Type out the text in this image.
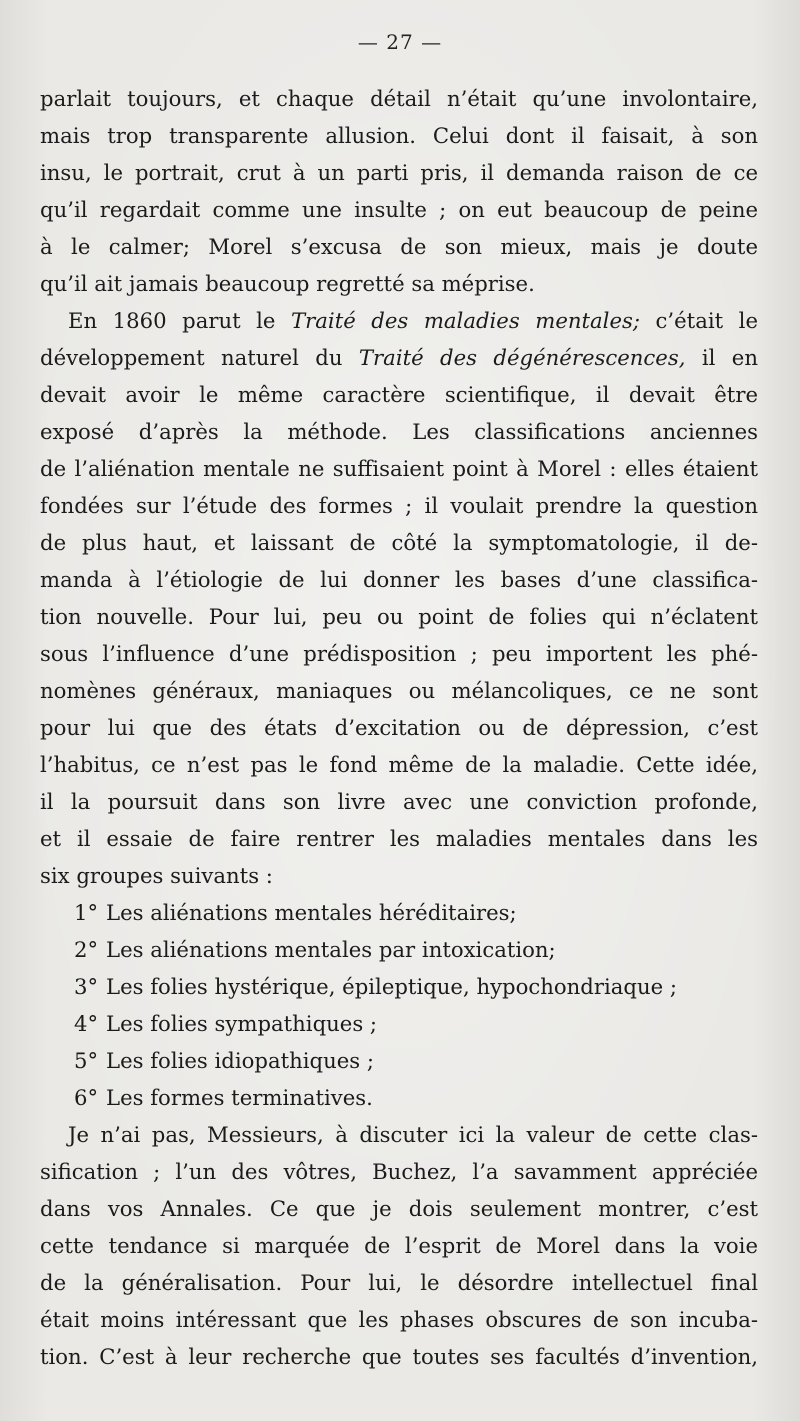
— 27 —
parlait toujours, et chaque détail n’était qu’une involontaire,
mais trop transparente allusion. Celui dont il faisait, à son
insu, le portrait, crut à un parti pris, il demanda raison de ce
qu’il regardait comme une insulte ; on eut beaucoup de peine
à le calmer; Morel s’excusa de son mieux, mais je doute
qu’il ait jamais beaucoup regretté sa méprise.
En 1860 parut le Traité des maladies mentales; c’était le
développement naturel du Traité des dégénérescences, il en
devait avoir le même caractère scientifique, il devait être
exposé d’après la méthode. Les classifications anciennes
de l’aliénation mentale ne suffisaient point à Morel : elles étaient
fondées sur l’étude des formes ; il voulait prendre la question
de plus haut, et laissant de côté la symptomatologie, il de-
manda à l’étiologie de lui donner les bases d’une classifica-
tion nouvelle. Pour lui, peu ou point de folies qui n’éclatent
sous l’influence d’une prédisposition ; peu importent les phé-
nomènes généraux, maniaques ou mélancoliques, ce ne sont
pour lui que des états d’excitation ou de dépression, c’est
l’habitus, ce n’est pas le fond même de la maladie. Cette idée,
il la poursuit dans son livre avec une conviction profonde,
et il essaie de faire rentrer les maladies mentales dans les
six groupes suivants :
1° Les aliénations mentales héréditaires;
2° Les aliénations mentales par intoxication;
3° Les folies hystérique, épileptique, hypochondriaque ;
4° Les folies sympathiques ;
5° Les folies idiopathiques ;
6° Les formes terminatives.
Je n’ai pas, Messieurs, à discuter ici la valeur de cette clas-
sification ; l’un des vôtres, Buchez, l’a savamment appréciée
dans vos Annales. Ce que je dois seulement montrer, c’est
cette tendance si marquée de l’esprit de Morel dans la voie
de la généralisation. Pour lui, le désordre intellectuel final
était moins intéressant que les phases obscures de son incuba-
tion. C’est à leur recherche que toutes ses facultés d’invention,
